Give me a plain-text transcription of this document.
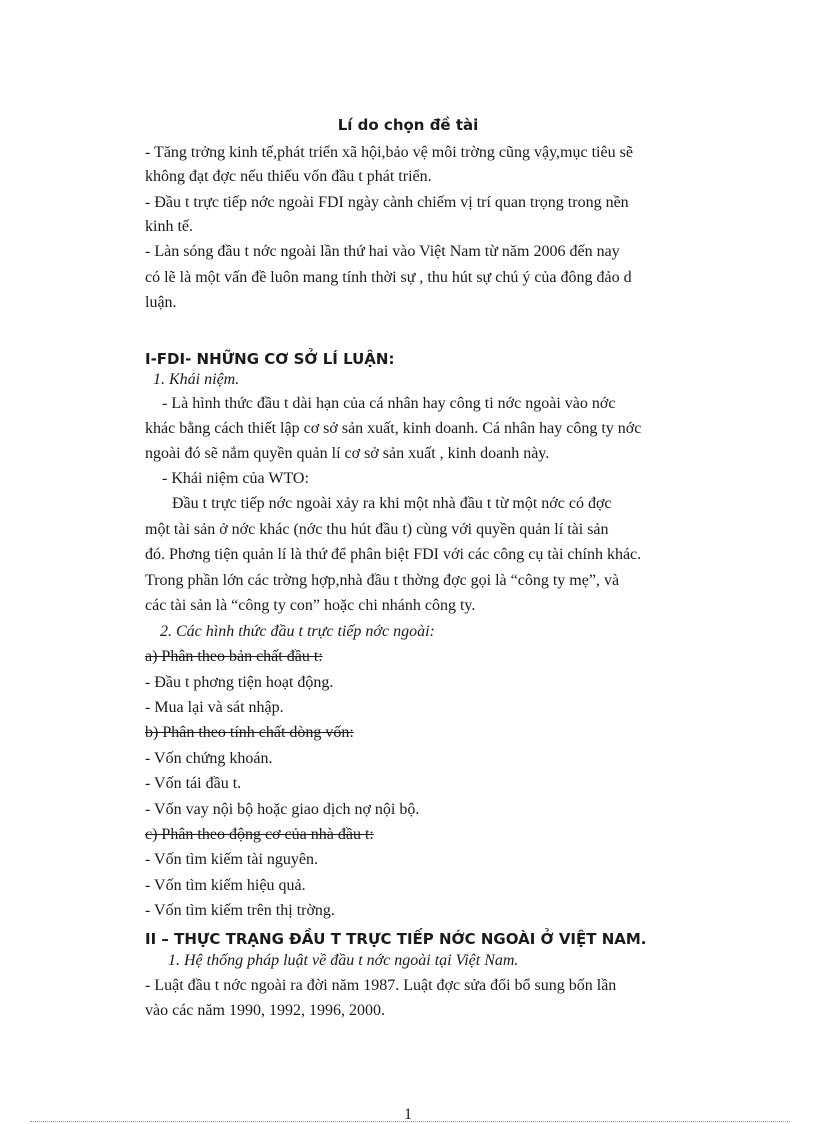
Lí do chọn đề tài
- Tăng trởng kinh tế,phát triển xã hội,bảo vệ môi trờng cũng vậy,mục tiêu sẽ
không đạt đợc nếu thiếu vốn đầu t phát triển.
- Đầu t trực tiếp nớc ngoài FDI ngày cành chiếm vị trí quan trọng trong nền
kinh tế.
- Làn sóng đầu t nớc ngoài lần thứ hai vào Việt Nam từ năm 2006 đến nay
có lẽ là một vấn đề luôn mang tính thời sự , thu hút sự chú ý của đông đảo d
luận.
I-FDI- NHỮNG CƠ SỞ LÍ LUẬN:
1. Khái niệm.
- Là hình thức đầu t dài hạn của cá nhân hay công ti nớc ngoài vào nớc
khác bằng cách thiết lập cơ sở sản xuất, kinh doanh. Cá nhân hay công ty nớc
ngoài đó sẽ nắm quyền quản lí cơ sở sản xuất , kinh doanh này.
- Khái niệm của WTO:
Đầu t trực tiếp nớc ngoài xảy ra khi một nhà đầu t từ một nớc có đợc
một tài sản ở nớc khác (nớc thu hút đầu t) cùng với quyền quản lí tài sản
đó. Phơng tiện quản lí là thứ để phân biệt FDI với các công cụ tài chính khác.
Trong phần lớn các trờng hợp,nhà đầu t thờng đợc gọi là “công ty mẹ”, và
các tài sản là “công ty con” hoặc chi nhánh công ty.
2. Các hình thức đầu t trực tiếp nớc ngoài:
a) Phân theo bản chất đầu t:
- Đầu t phơng tiện hoạt động.
- Mua lại và sát nhập.
b) Phân theo tính chất dòng vốn:
- Vốn chứng khoán.
- Vốn tái đầu t.
- Vốn vay nội bộ hoặc giao dịch nợ nội bộ.
c) Phân theo động cơ của nhà đầu t:
- Vốn tìm kiếm tài nguyên.
- Vốn tìm kiếm hiệu quả.
- Vốn tìm kiếm trên thị trờng.
II – THỰC TRẠNG ĐẦU T TRỰC TIẾP NỚC NGOÀI Ở VIỆT NAM.
1. Hệ thống pháp luật về đầu t nớc ngoài tại Việt Nam.
- Luật đầu t nớc ngoài ra đời năm 1987. Luật đợc sửa đổi bổ sung bốn lần
vào các năm 1990, 1992, 1996, 2000.
1
